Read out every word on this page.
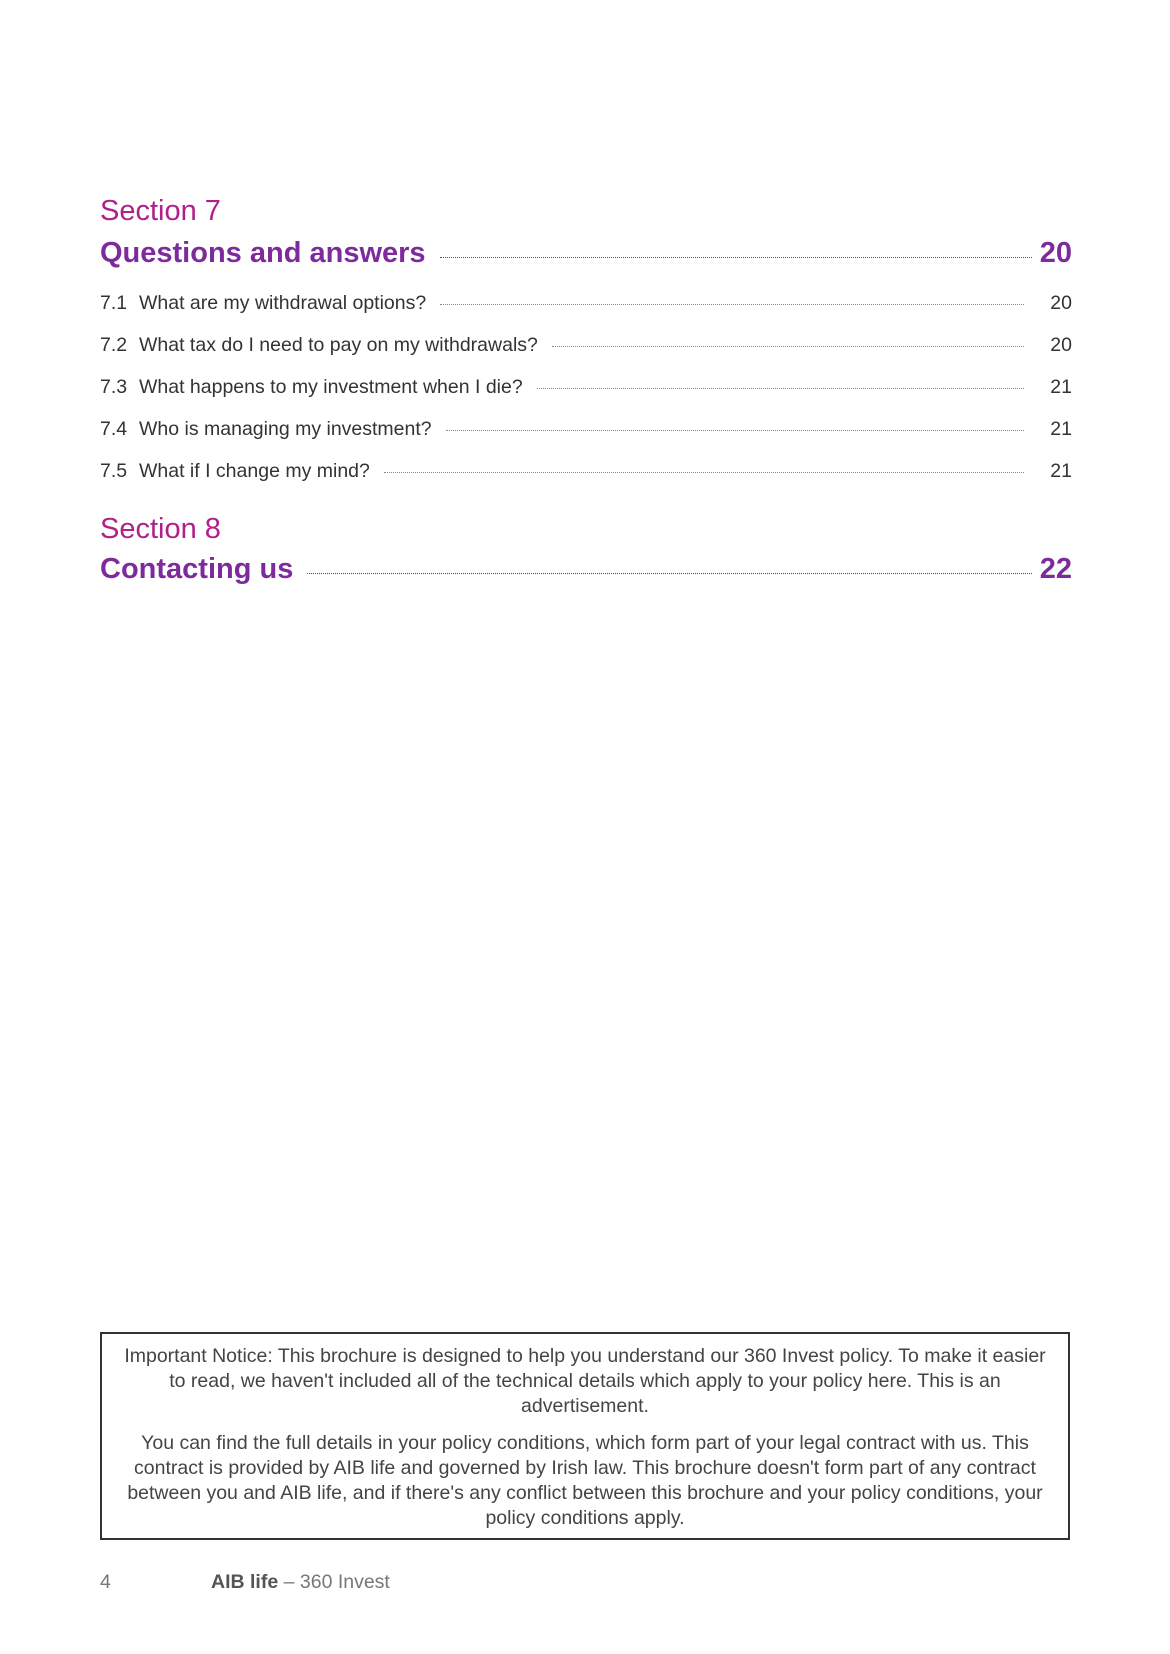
Section 7
Questions and answers	20
7.1 What are my withdrawal options?	20
7.2 What tax do I need to pay on my withdrawals?	20
7.3 What happens to my investment when I die?	21
7.4 Who is managing my investment?	21
7.5 What if I change my mind?	21
Section 8
Contacting us	22

Important Notice: This brochure is designed to help you understand our 360 Invest policy. To make it easier to read, we haven't included all of the technical details which apply to your policy here. This is an advertisement.

You can find the full details in your policy conditions, which form part of your legal contract with us. This contract is provided by AIB life and governed by Irish law. This brochure doesn't form part of any contract between you and AIB life, and if there's any conflict between this brochure and your policy conditions, your policy conditions apply.

4	AIB life – 360 Invest
